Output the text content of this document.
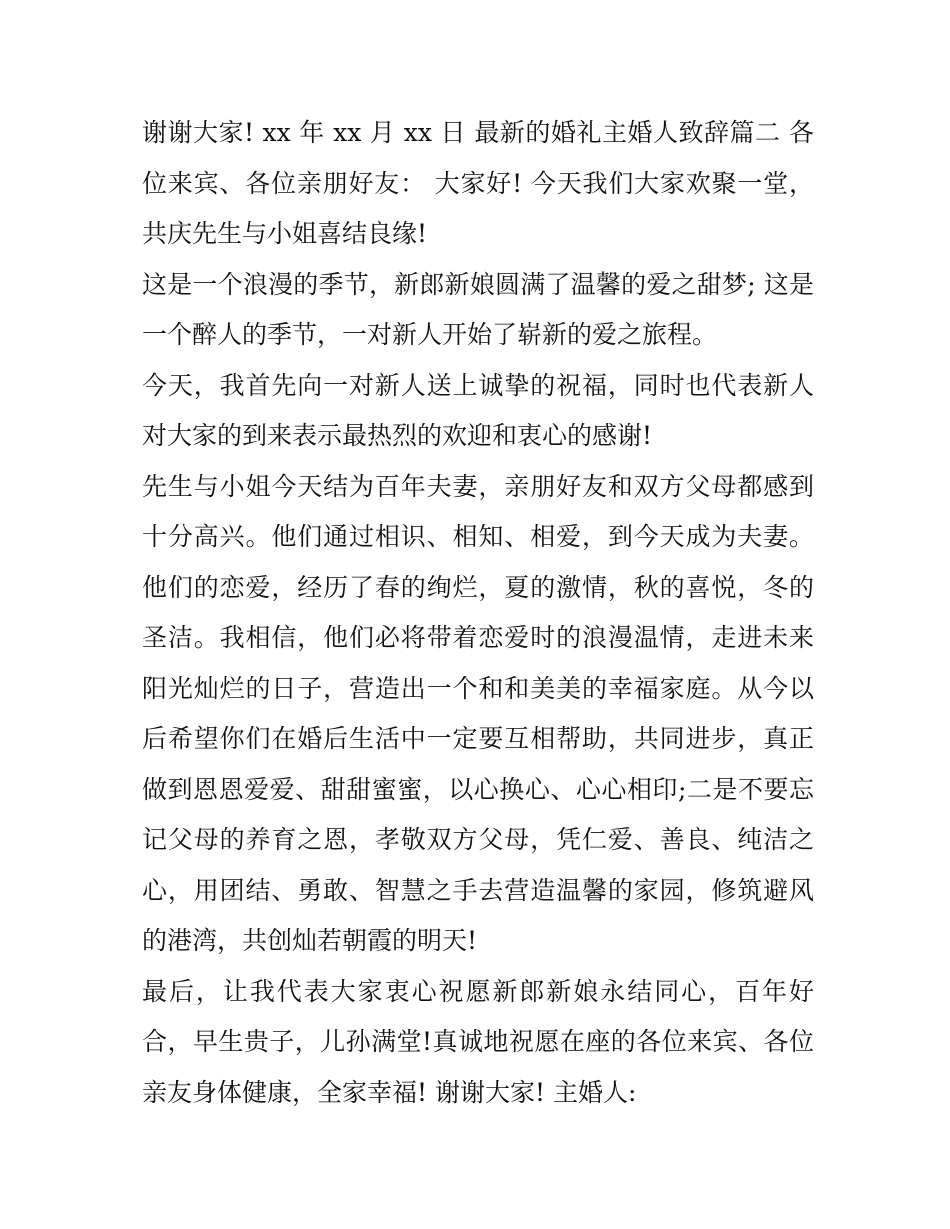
谢谢大家! xx 年 xx 月 xx 日 最新的婚礼主婚人致辞篇二 各位来宾、各位亲朋好友： 大家好! 今天我们大家欢聚一堂，共庆先生与小姐喜结良缘!

这是一个浪漫的季节，新郎新娘圆满了温馨的爱之甜梦; 这是一个醉人的季节，一对新人开始了崭新的爱之旅程。

今天，我首先向一对新人送上诚挚的祝福，同时也代表新人对大家的到来表示最热烈的欢迎和衷心的感谢!

先生与小姐今天结为百年夫妻，亲朋好友和双方父母都感到十分高兴。他们通过相识、相知、相爱，到今天成为夫妻。他们的恋爱，经历了春的绚烂，夏的激情，秋的喜悦，冬的圣洁。我相信，他们必将带着恋爱时的浪漫温情，走进未来阳光灿烂的日子，营造出一个和和美美的幸福家庭。从今以后希望你们在婚后生活中一定要互相帮助，共同进步，真正做到恩恩爱爱、甜甜蜜蜜，以心换心、心心相印;二是不要忘记父母的养育之恩，孝敬双方父母，凭仁爱、善良、纯洁之心，用团结、勇敢、智慧之手去营造温馨的家园，修筑避风的港湾，共创灿若朝霞的明天!

最后，让我代表大家衷心祝愿新郎新娘永结同心，百年好合，早生贵子，儿孙满堂!真诚地祝愿在座的各位来宾、各位亲友身体健康，全家幸福! 谢谢大家! 主婚人:
